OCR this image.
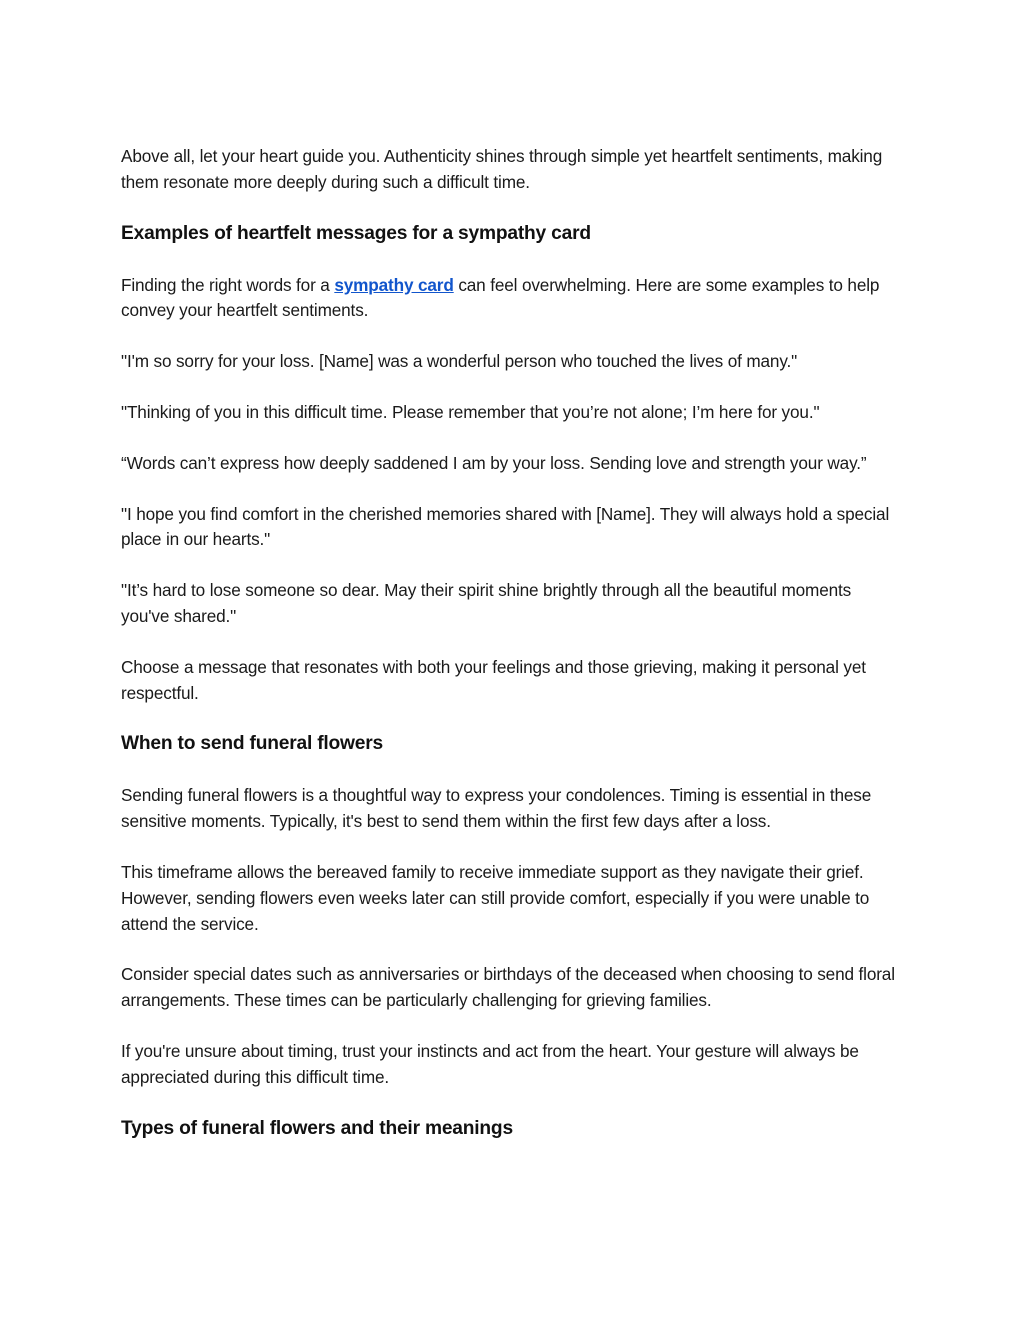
Above all, let your heart guide you. Authenticity shines through simple yet heartfelt sentiments, making them resonate more deeply during such a difficult time.

Examples of heartfelt messages for a sympathy card

Finding the right words for a sympathy card can feel overwhelming. Here are some examples to help convey your heartfelt sentiments.

"I'm so sorry for your loss. [Name] was a wonderful person who touched the lives of many."

"Thinking of you in this difficult time. Please remember that you’re not alone; I’m here for you."

“Words can’t express how deeply saddened I am by your loss. Sending love and strength your way.”

"I hope you find comfort in the cherished memories shared with [Name]. They will always hold a special place in our hearts."

"It’s hard to lose someone so dear. May their spirit shine brightly through all the beautiful moments you've shared."

Choose a message that resonates with both your feelings and those grieving, making it personal yet respectful.

When to send funeral flowers

Sending funeral flowers is a thoughtful way to express your condolences. Timing is essential in these sensitive moments. Typically, it's best to send them within the first few days after a loss.

This timeframe allows the bereaved family to receive immediate support as they navigate their grief. However, sending flowers even weeks later can still provide comfort, especially if you were unable to attend the service.

Consider special dates such as anniversaries or birthdays of the deceased when choosing to send floral arrangements. These times can be particularly challenging for grieving families.

If you're unsure about timing, trust your instincts and act from the heart. Your gesture will always be appreciated during this difficult time.

Types of funeral flowers and their meanings
